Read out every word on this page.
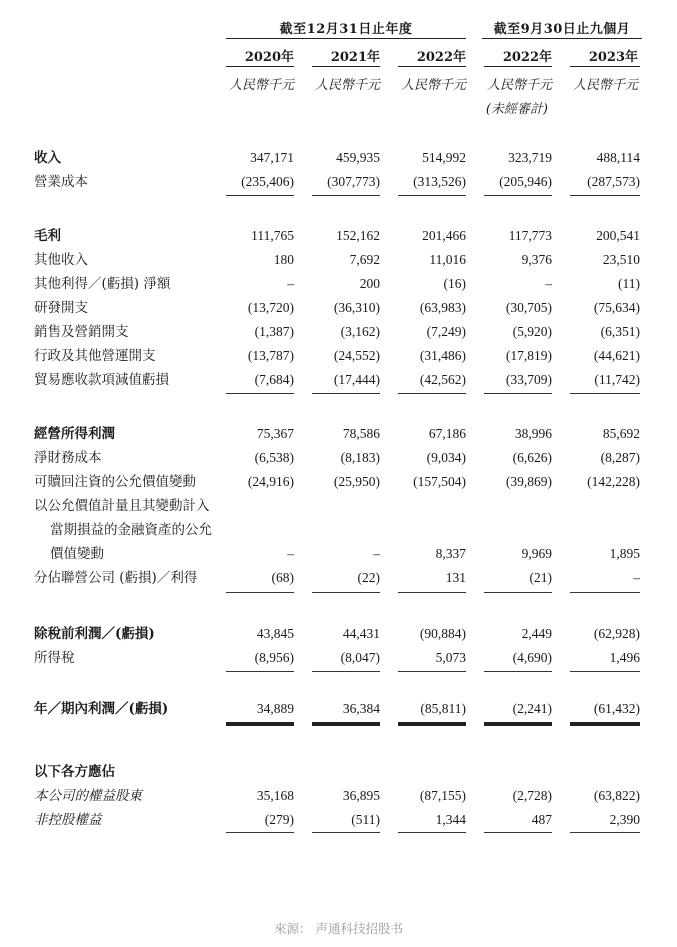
截至12月31日止年度	截至9月30日止九個月
2020年	2021年	2022年	2022年	2023年
人民幣千元	人民幣千元	人民幣千元	人民幣千元	人民幣千元
(未經審計)
收入	347,171	459,935	514,992	323,719	488,114
營業成本	(235,406)	(307,773)	(313,526)	(205,946)	(287,573)
毛利	111,765	152,162	201,466	117,773	200,541
其他收入	180	7,692	11,016	9,376	23,510
其他利得／(虧損) 淨額	–	200	(16)	–	(11)
研發開支	(13,720)	(36,310)	(63,983)	(30,705)	(75,634)
銷售及營銷開支	(1,387)	(3,162)	(7,249)	(5,920)	(6,351)
行政及其他營運開支	(13,787)	(24,552)	(31,486)	(17,819)	(44,621)
貿易應收款項減值虧損	(7,684)	(17,444)	(42,562)	(33,709)	(11,742)
經營所得利潤	75,367	78,586	67,186	38,996	85,692
淨財務成本	(6,538)	(8,183)	(9,034)	(6,626)	(8,287)
可贖回注資的公允價值變動	(24,916)	(25,950)	(157,504)	(39,869)	(142,228)
以公允價值計量且其變動計入
當期損益的金融資產的公允
價值變動	–	–	8,337	9,969	1,895
分佔聯營公司 (虧損)／利得	(68)	(22)	131	(21)	–
除稅前利潤／(虧損)	43,845	44,431	(90,884)	2,449	(62,928)
所得稅	(8,956)	(8,047)	5,073	(4,690)	1,496
年／期內利潤／(虧損)	34,889	36,384	(85,811)	(2,241)	(61,432)
以下各方應佔
本公司的權益股東	35,168	36,895	(87,155)	(2,728)	(63,822)
非控股權益	(279)	(511)	1,344	487	2,390
來源： 声通科技招股书
